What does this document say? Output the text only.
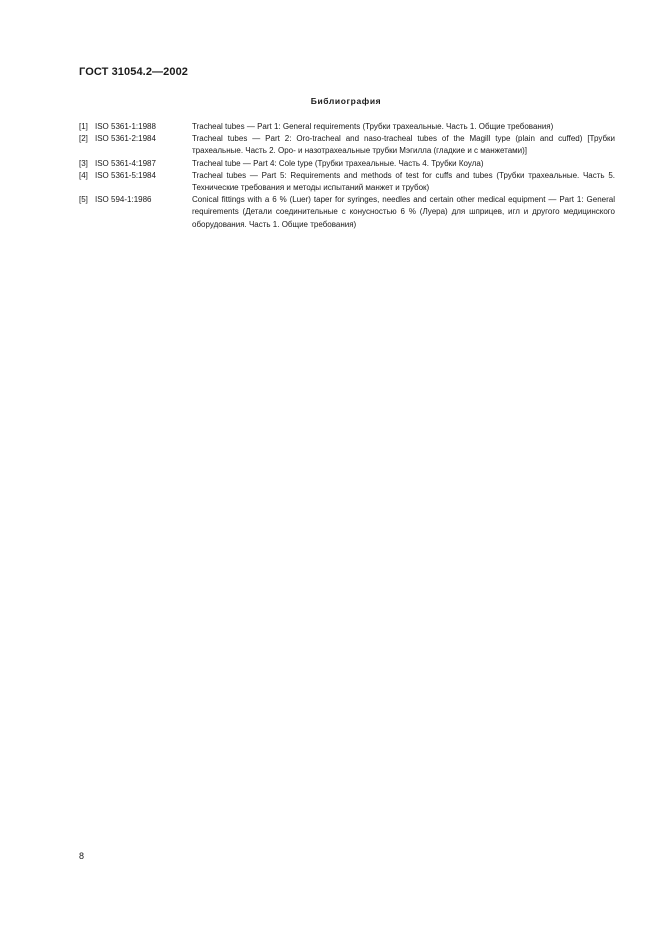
ГОСТ 31054.2—2002
Библиография
[1] ISO 5361-1:1988	Tracheal tubes — Part 1: General requirements (Трубки трахеальные. Часть 1. Общие требования)
[2] ISO 5361-2:1984	Tracheal tubes — Part 2: Oro-tracheal and naso-tracheal tubes of the Magill type (plain and cuffed) [Трубки трахеальные. Часть 2. Оро- и назотрахеальные трубки Мэгилла (гладкие и с манжетами)]
[3] ISO 5361-4:1987	Tracheal tube — Part 4: Cole type (Трубки трахеальные. Часть 4. Трубки Коула)
[4] ISO 5361-5:1984	Tracheal tubes — Part 5: Requirements and methods of test for cuffs and tubes (Трубки трахеальные. Часть 5. Технические требования и методы испытаний манжет и трубок)
[5] ISO 594-1:1986	Conical fittings with a 6 % (Luer) taper for syringes, needles and certain other medical equipment — Part 1: General requirements (Детали соединительные с конусностью 6 % (Луера) для шприцев, игл и другого медицинского оборудования. Часть 1. Общие требования)
8
